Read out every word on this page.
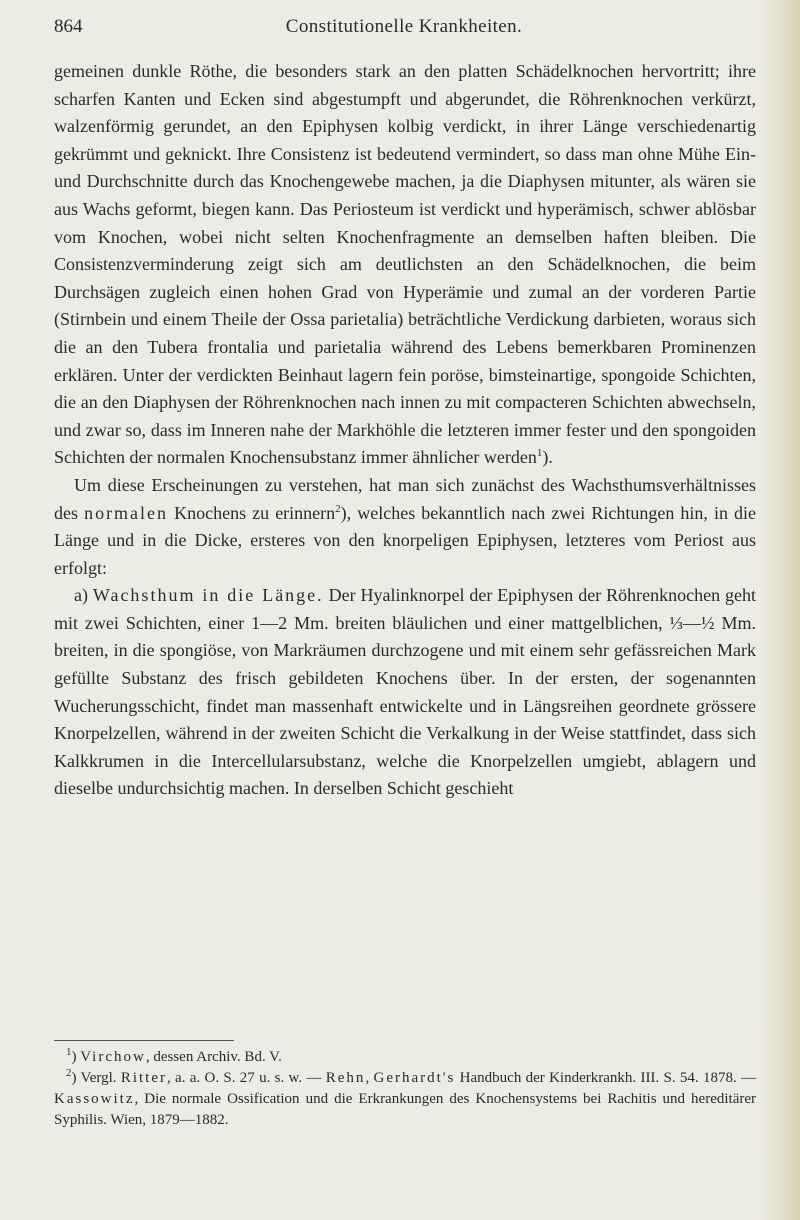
864	Constitutionelle Krankheiten.

gemeinen dunkle Röthe, die besonders stark an den platten Schädelknochen hervortritt; ihre scharfen Kanten und Ecken sind abgestumpft und abgerundet, die Röhrenknochen verkürzt, walzenförmig gerundet, an den Epiphysen kolbig verdickt, in ihrer Länge verschiedenartig gekrümmt und geknickt. Ihre Consistenz ist bedeutend vermindert, so dass man ohne Mühe Ein- und Durchschnitte durch das Knochengewebe machen, ja die Diaphysen mitunter, als wären sie aus Wachs geformt, biegen kann. Das Periosteum ist verdickt und hyperämisch, schwer ablösbar vom Knochen, wobei nicht selten Knochenfragmente an demselben haften bleiben. Die Consistenzverminderung zeigt sich am deutlichsten an den Schädelknochen, die beim Durchsägen zugleich einen hohen Grad von Hyperämie und zumal an der vorderen Partie (Stirnbein und einem Theile der Ossa parietalia) beträchtliche Verdickung darbieten, woraus sich die an den Tubera frontalia und parietalia während des Lebens bemerkbaren Prominenzen erklären. Unter der verdickten Beinhaut lagern fein poröse, bimsteinartige, spongoide Schichten, die an den Diaphysen der Röhrenknochen nach innen zu mit compacteren Schichten abwechseln, und zwar so, dass im Inneren nahe der Markhöhle die letzteren immer fester und den spongoiden Schichten der normalen Knochensubstanz immer ähnlicher werden$^1$).

Um diese Erscheinungen zu verstehen, hat man sich zunächst des Wachsthumsverhältnisses des normalen Knochens zu erinnern$^2$), welches bekanntlich nach zwei Richtungen hin, in die Länge und in die Dicke, ersteres von den knorpeligen Epiphysen, letzteres vom Periost aus erfolgt:

a) Wachsthum in die Länge. Der Hyalinknorpel der Epiphysen der Röhrenknochen geht mit zwei Schichten, einer 1—2 Mm. breiten bläulichen und einer mattgelblichen, ⅓—½ Mm. breiten, in die spongiöse, von Markräumen durchzogene und mit einem sehr gefässreichen Mark gefüllte Substanz des frisch gebildeten Knochens über. In der ersten, der sogenannten Wucherungsschicht, findet man massenhaft entwickelte und in Längsreihen geordnete grössere Knorpelzellen, während in der zweiten Schicht die Verkalkung in der Weise stattfindet, dass sich Kalkkrumen in die Intercellularsubstanz, welche die Knorpelzellen umgiebt, ablagern und dieselbe undurchsichtig machen. In derselben Schicht geschieht

$^1$) Virchow, dessen Archiv. Bd. V.

$^2$) Vergl. Ritter, a. a. O. S. 27 u. s. w. — Rehn, Gerhardt's Handbuch der Kinderkrankh. III. S. 54. 1878. — Kassowitz, Die normale Ossification und die Erkrankungen des Knochensystems bei Rachitis und hereditärer Syphilis. Wien, 1879—1882.
